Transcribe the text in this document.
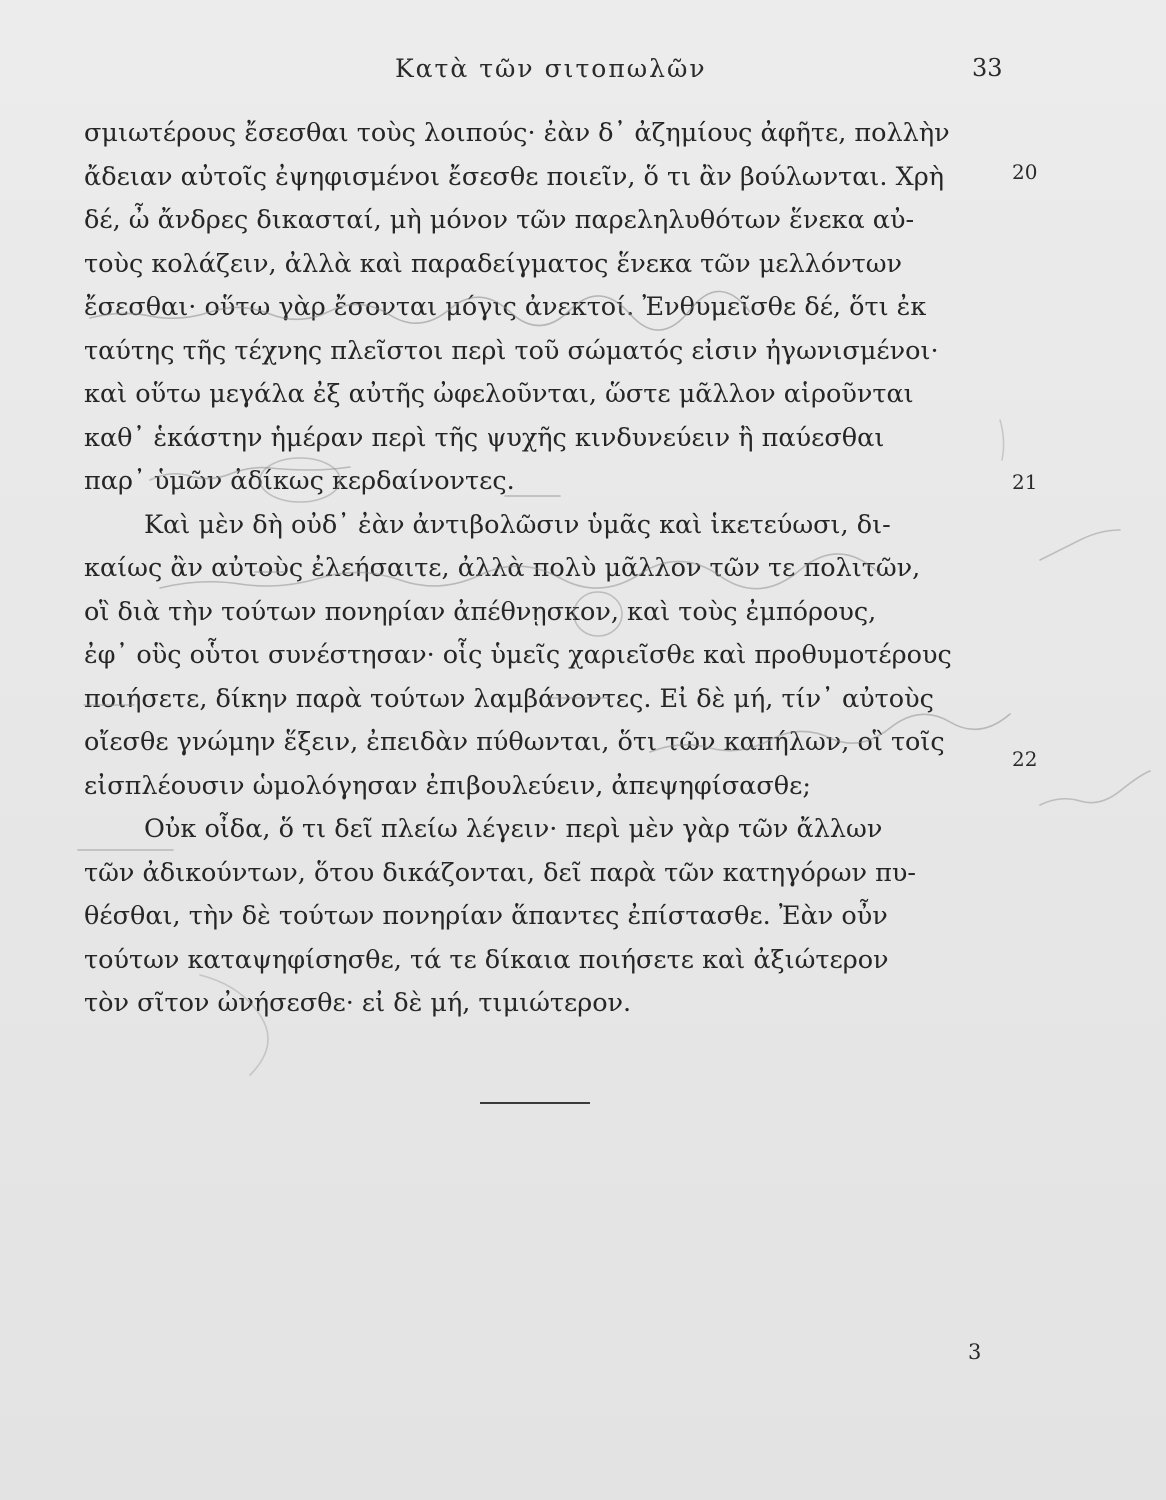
Κατὰ τῶν σιτοπωλῶν	33
σμιωτέρους ἔσεσθαι τοὺς λοιπούς· ἐὰν δ᾽ ἀζημίους ἀφῆτε, πολλὴν
ἄδειαν αὐτοῖς ἐψηφισμένοι ἔσεσθε ποιεῖν, ὅ τι ἂν βούλωνται. Χρὴ
δέ, ὦ ἄνδρες δικασταί, μὴ μόνον τῶν παρεληλυθότων ἕνεκα αὐ-
τοὺς κολάζειν, ἀλλὰ καὶ παραδείγματος ἕνεκα τῶν μελλόντων
ἔσεσθαι· οὕτω γὰρ ἔσονται μόγις ἀνεκτοί. Ἐνθυμεῖσθε δέ, ὅτι ἐκ
ταύτης τῆς τέχνης πλεῖστοι περὶ τοῦ σώματός εἰσιν ἠγωνισμένοι·
καὶ οὕτω μεγάλα ἐξ αὐτῆς ὠφελοῦνται, ὥστε μᾶλλον αἱροῦνται
καθ᾽ ἑκάστην ἡμέραν περὶ τῆς ψυχῆς κινδυνεύειν ἢ παύεσθαι
παρ᾽ ὑμῶν ἀδίκως κερδαίνοντες.
Καὶ μὲν δὴ οὐδ᾽ ἐὰν ἀντιβολῶσιν ὑμᾶς καὶ ἱκετεύωσι, δι-
καίως ἂν αὐτοὺς ἐλεήσαιτε, ἀλλὰ πολὺ μᾶλλον τῶν τε πολιτῶν,
οἳ διὰ τὴν τούτων πονηρίαν ἀπέθνῃσκον, καὶ τοὺς ἐμπόρους,
ἐφ᾽ οὓς οὗτοι συνέστησαν· οἷς ὑμεῖς χαριεῖσθε καὶ προθυμοτέρους
ποιήσετε, δίκην παρὰ τούτων λαμβάνοντες. Εἰ δὲ μή, τίν᾽ αὐτοὺς
οἴεσθε γνώμην ἕξειν, ἐπειδὰν πύθωνται, ὅτι τῶν καπήλων, οἳ τοῖς
εἰσπλέουσιν ὡμολόγησαν ἐπιβουλεύειν, ἀπεψηφίσασθε;
Οὐκ οἶδα, ὅ τι δεῖ πλείω λέγειν· περὶ μὲν γὰρ τῶν ἄλλων
τῶν ἀδικούντων, ὅτου δικάζονται, δεῖ παρὰ τῶν κατηγόρων πυ-
θέσθαι, τὴν δὲ τούτων πονηρίαν ἅπαντες ἐπίστασθε. Ἐὰν οὖν
τούτων καταψηφίσησθε, τά τε δίκαια ποιήσετε καὶ ἀξιώτερον
τὸν σῖτον ὠνήσεσθε· εἰ δὲ μή, τιμιώτερον.
20
21
22
3
